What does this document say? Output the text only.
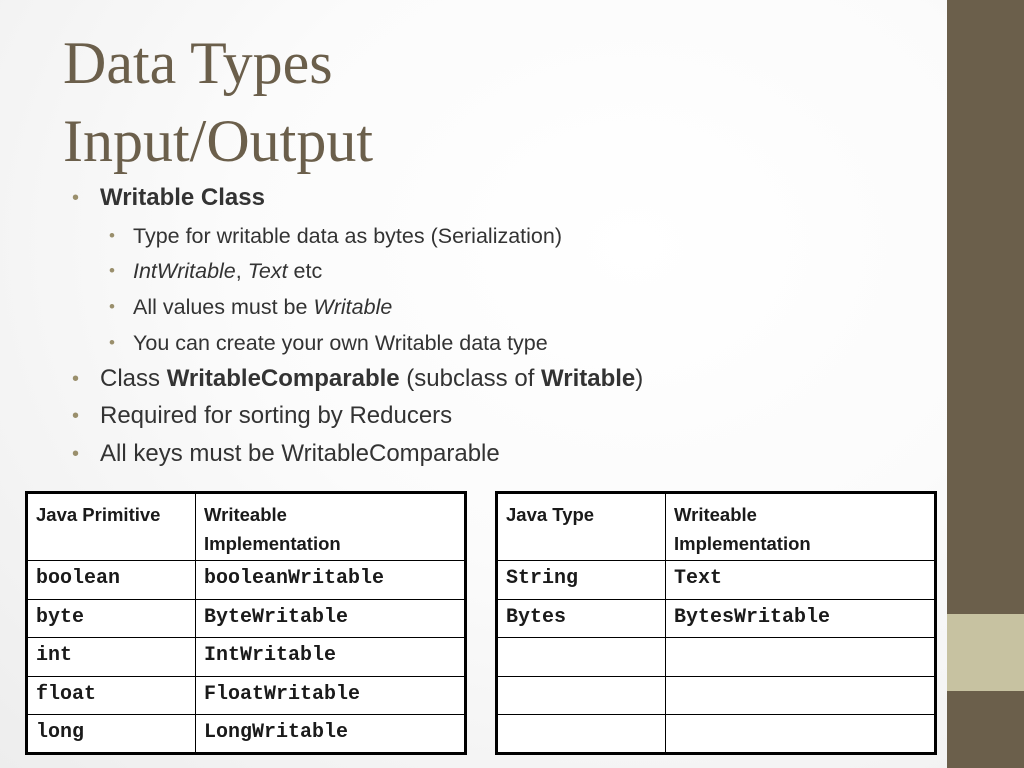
Data Types
Input/Output
• Writable Class
• Type for writable data as bytes (Serialization)
• IntWritable, Text etc
• All values must be Writable
• You can create your own Writable data type
• Class WritableComparable (subclass of Writable)
• Required for sorting by Reducers
• All keys must be WritableComparable
Java Primitive	Writeable
Implementation

boolean	booleanWritable
byte	ByteWritable
int	IntWritable
float	FloatWritable
long	LongWritable
Java Type	Writeable
Implementation

String	Text
Bytes	BytesWritable
